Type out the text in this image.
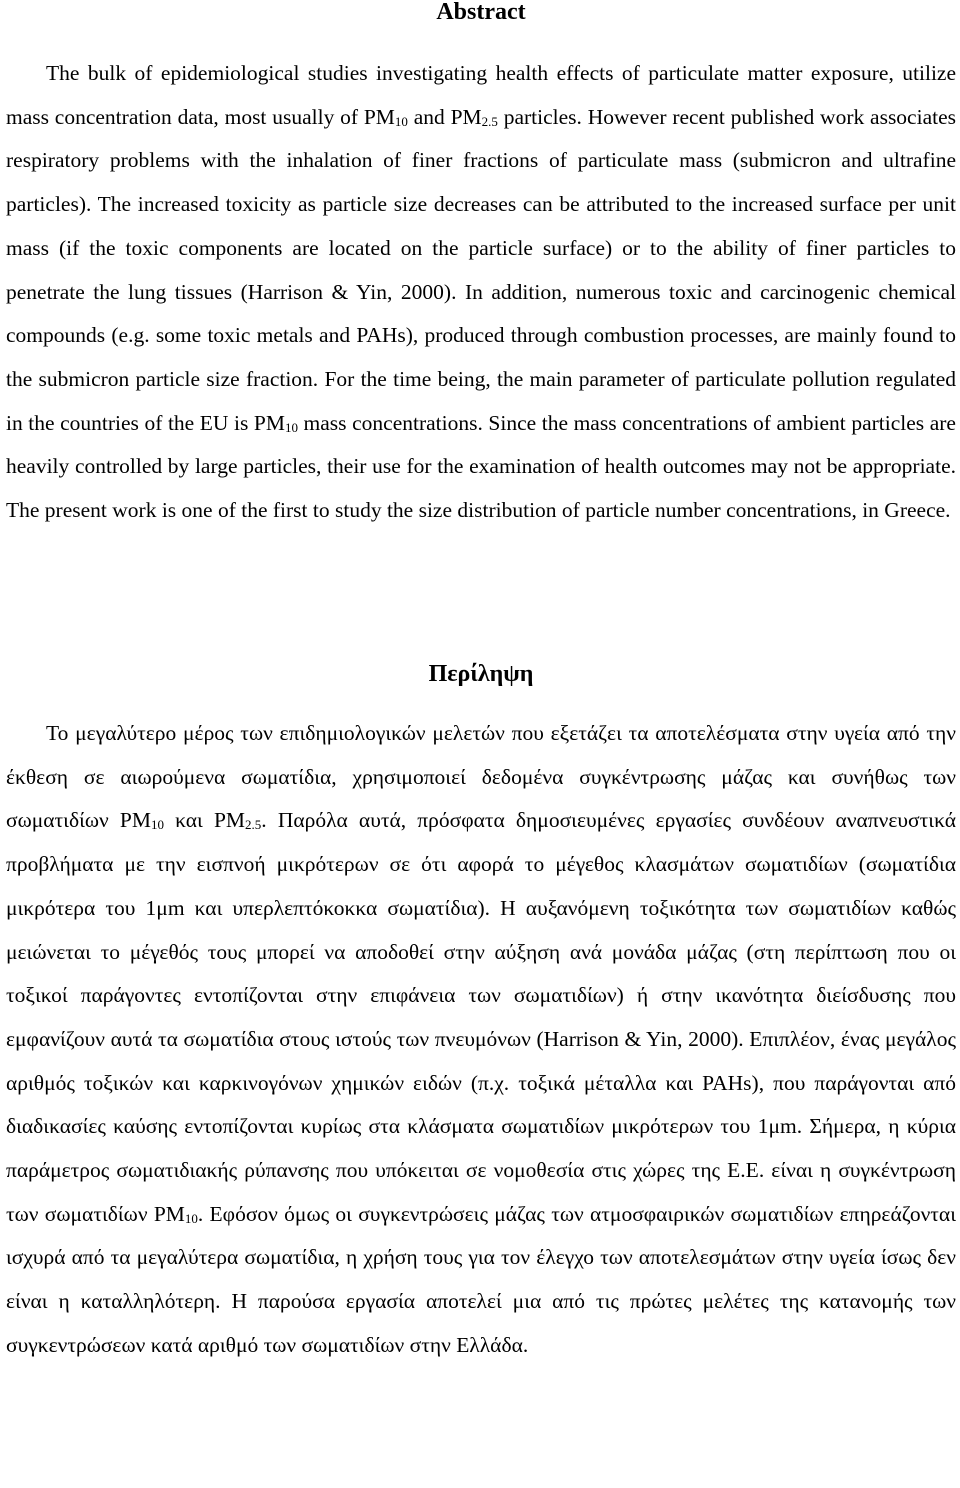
Abstract

The bulk of epidemiological studies investigating health effects of particulate matter exposure, utilize mass concentration data, most usually of $PM_{10}$ and $PM_{2.5}$ particles. However recent published work associates respiratory problems with the inhalation of finer fractions of particulate mass (submicron and ultrafine particles). The increased toxicity as particle size decreases can be attributed to the increased surface per unit mass (if the toxic components are located on the particle surface) or to the ability of finer particles to penetrate the lung tissues (Harrison & Yin, 2000). In addition, numerous toxic and carcinogenic chemical compounds (e.g. some toxic metals and PAHs), produced through combustion processes, are mainly found to the submicron particle size fraction. For the time being, the main parameter of particulate pollution regulated in the countries of the EU is $PM_{10}$ mass concentrations. Since the mass concentrations of ambient particles are heavily controlled by large particles, their use for the examination of health outcomes may not be appropriate. The present work is one of the first to study the size distribution of particle number concentrations, in Greece.

Περίληψη

Το μεγαλύτερο μέρος των επιδημιολογικών μελετών που εξετάζει τα αποτελέσματα στην υγεία από την έκθεση σε αιωρούμενα σωματίδια, χρησιμοποιεί δεδομένα συγκέντρωσης μάζας και συνήθως των σωματιδίων $PM_{10}$ και $PM_{2.5}$. Παρόλα αυτά, πρόσφατα δημοσιευμένες εργασίες συνδέουν αναπνευστικά προβλήματα με την εισπνοή μικρότερων σε ότι αφορά το μέγεθος κλασμάτων σωματιδίων (σωματίδια μικρότερα του 1μm και υπερλεπτόκοκκα σωματίδια). Η αυξανόμενη τοξικότητα των σωματιδίων καθώς μειώνεται το μέγεθός τους μπορεί να αποδοθεί στην αύξηση ανά μονάδα μάζας (στη περίπτωση που οι τοξικοί παράγοντες εντοπίζονται στην επιφάνεια των σωματιδίων) ή στην ικανότητα διείσδυσης που εμφανίζουν αυτά τα σωματίδια στους ιστούς των πνευμόνων (Harrison & Yin, 2000). Επιπλέον, ένας μεγάλος αριθμός τοξικών και καρκινογόνων χημικών ειδών (π.χ. τοξικά μέταλλα και PAHs), που παράγονται από διαδικασίες καύσης εντοπίζονται κυρίως στα κλάσματα σωματιδίων μικρότερων του 1μm. Σήμερα, η κύρια παράμετρος σωματιδιακής ρύπανσης που υπόκειται σε νομοθεσία στις χώρες της Ε.Ε. είναι η συγκέντρωση των σωματιδίων $PM_{10}$. Εφόσον όμως οι συγκεντρώσεις μάζας των ατμοσφαιρικών σωματιδίων επηρεάζονται ισχυρά από τα μεγαλύτερα σωματίδια, η χρήση τους για τον έλεγχο των αποτελεσμάτων στην υγεία ίσως δεν είναι η καταλληλότερη. Η παρούσα εργασία αποτελεί μια από τις πρώτες μελέτες της κατανομής των συγκεντρώσεων κατά αριθμό των σωματιδίων στην Ελλάδα.
